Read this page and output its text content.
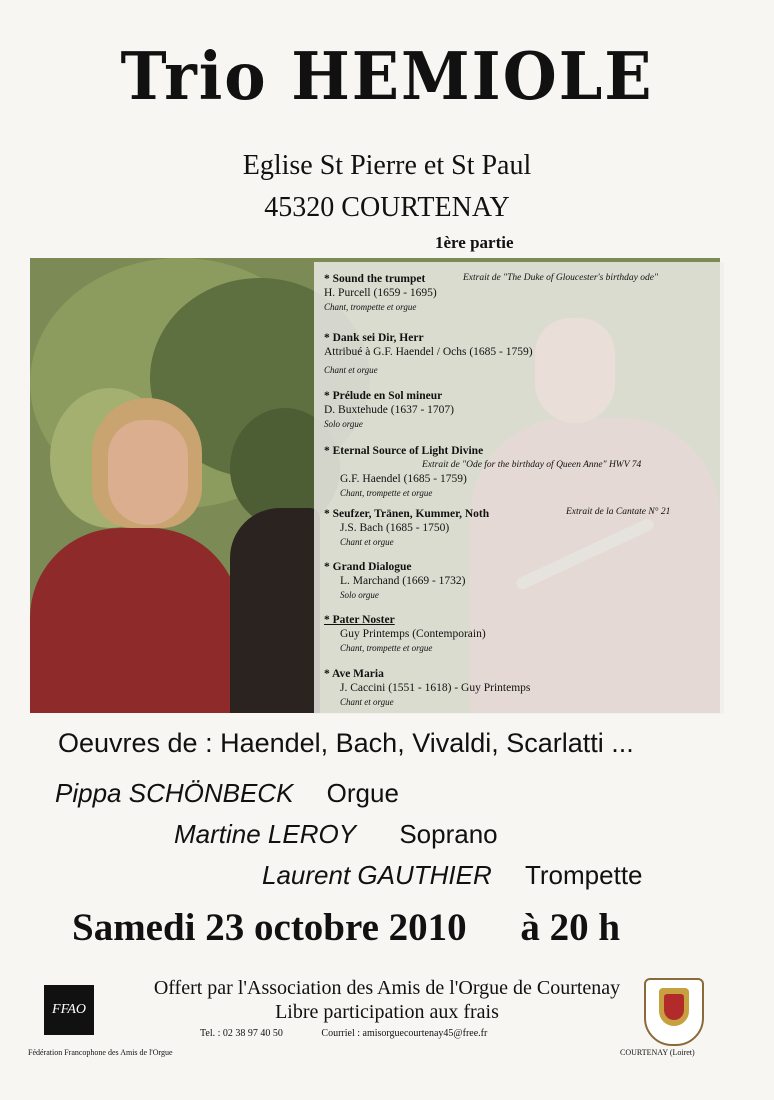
Trio HEMIOLE
Eglise St Pierre et St Paul
45320 COURTENAY
1ère partie
* Sound the trumpet
H. Purcell (1659 - 1695)
Chant, trompette et orgue
Extrait de "The Duke of Gloucester's birthday ode"
* Dank sei Dir, Herr
Attribué à G.F. Haendel / Ochs (1685 - 1759)
Chant et orgue
* Prélude en Sol mineur
D. Buxtehude (1637 - 1707)
Solo orgue
* Eternal Source of Light Divine
Extrait de "Ode for the birthday of Queen Anne" HWV 74
G.F. Haendel (1685 - 1759)
Chant, trompette et orgue
* Seufzer, Tränen, Kummer, Noth
J.S. Bach (1685 - 1750)
Chant et orgue
Extrait de la Cantate N° 21
* Grand Dialogue
L. Marchand (1669 - 1732)
Solo orgue
* Pater Noster
Guy Printemps (Contemporain)
Chant, trompette et orgue
* Ave Maria
J. Caccini (1551 - 1618) - Guy Printemps
Chant et orgue
Oeuvres de : Haendel, Bach, Vivaldi, Scarlatti ...
Pippa SCHÖNBECK Orgue
Martine LEROY Soprano
Laurent GAUTHIER Trompette
Samedi 23 octobre 2010 à 20 h
FFAO
Offert par l'Association des Amis de l'Orgue de Courtenay
Libre participation aux frais
Tel. : 02 38 97 40 50	Courriel : amisorguecourtenay45@free.fr
Fédération Francophone des Amis de l'Orgue	COURTENAY (Loiret)
